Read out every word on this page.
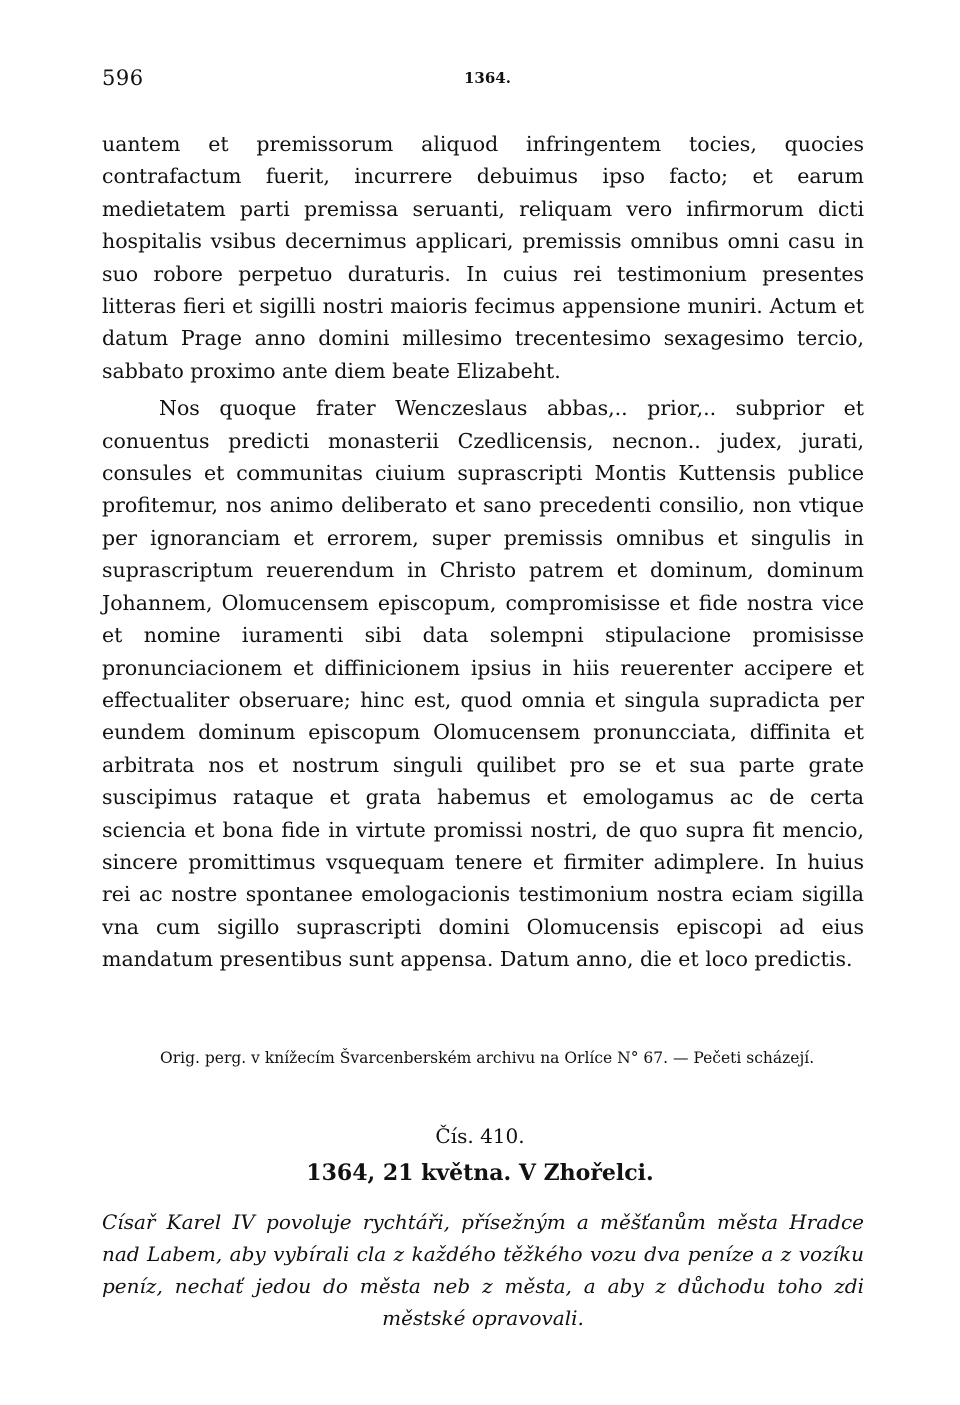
596	1364.

uantem et premissorum aliquod infringentem tocies, quocies contrafactum fuerit, incurrere debuimus ipso facto; et earum medietatem parti premissa seruanti, reliquam vero infirmorum dicti hospitalis vsibus decernimus applicari, premissis omnibus omni casu in suo robore perpetuo duraturis. In cuius rei testimonium presentes litteras fieri et sigilli nostri maioris fecimus appensione muniri. Actum et datum Prage anno domini millesimo trecentesimo sexagesimo tercio, sabbato proximo ante diem beate Elizabeht.

Nos quoque frater Wenczeslaus abbas,.. prior,.. subprior et conuentus predicti monasterii Czedlicensis, necnon.. judex, jurati, consules et communitas ciuium suprascripti Montis Kuttensis publice profitemur, nos animo deliberato et sano precedenti consilio, non vtique per ignoranciam et errorem, super premissis omnibus et singulis in suprascriptum reuerendum in Christo patrem et dominum, dominum Johannem, Olomucensem episcopum, compromisisse et fide nostra vice et nomine iuramenti sibi data solempni stipulacione promisisse pronunciacionem et diffinicionem ipsius in hiis reuerenter accipere et effectualiter obseruare; hinc est, quod omnia et singula supradicta per eundem dominum episcopum Olomucensem pronuncciata, diffinita et arbitrata nos et nostrum singuli quilibet pro se et sua parte grate suscipimus rataque et grata habemus et emologamus ac de certa sciencia et bona fide in virtute promissi nostri, de quo supra fit mencio, sincere promittimus vsquequam tenere et firmiter adimplere. In huius rei ac nostre spontanee emologacionis testimonium nostra eciam sigilla vna cum sigillo suprascripti domini Olomucensis episcopi ad eius mandatum presentibus sunt appensa. Datum anno, die et loco predictis.

Orig. perg. v knížecím Švarcenberském archivu na Orlíce N° 67. — Pečeti scházejí.
Čís. 410.
1364, 21 května. V Zhořelci.
Císař Karel IV povoluje rychtáři, přísežným a měšťanům města Hradce nad Labem, aby vybírali cla z každého těžkého vozu dva peníze a z vozíku peníz, nechať jedou do města neb z města, a aby z důchodu toho zdi městské opravovali.
